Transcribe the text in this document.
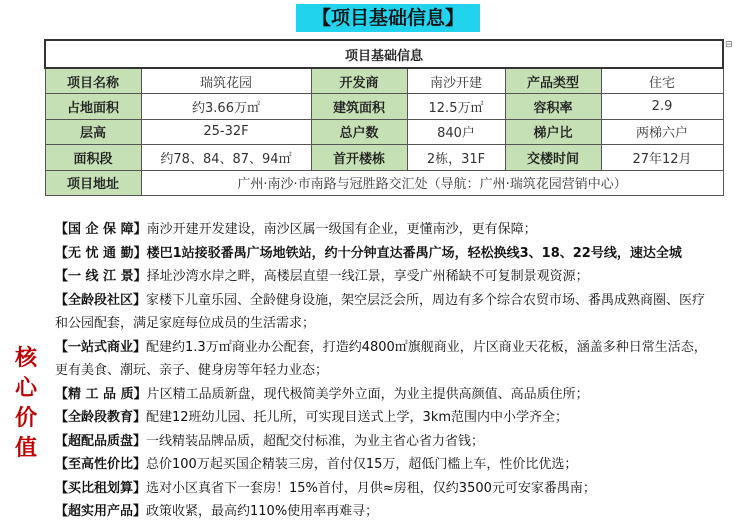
【项目基础信息】
⊟
项目基础信息					
项目名称	瑞筑花园	开发商	南沙开建	产品类型	住宅
占地面积	约3.66万㎡	建筑面积	12.5万㎡	容积率	2.9
层高	25-32F	总户数	840户	梯户比	两梯六户
面积段	约78、84、87、94㎡	首开楼栋	2栋，31F	交楼时间	27年12月
项目地址	广州·南沙·市南路与冠胜路交汇处（导航：广州·瑞筑花园营销中心）				
核
心
价
值

【国 企 保 障】南沙开建开发建设，南沙区属一级国有企业，更懂南沙，更有保障；

【无 忧 通 勤】楼巴1站接驳番禺广场地铁站，约十分钟直达番禺广场，轻松换线3、18、22号线，速达全城

【一 线 江 景】择址沙湾水岸之畔，高楼层直望一线江景，享受广州稀缺不可复制景观资源；

【全龄段社区】家楼下儿童乐园、全龄健身设施，架空层泛会所，周边有多个综合农贸市场、番禺成熟商圈、医疗和公园配套，满足家庭每位成员的生活需求；

【一站式商业】配建约1.3万㎡商业办公配套，打造约4800㎡旗舰商业，片区商业天花板，涵盖多种日常生活态，更有美食、潮玩、亲子、健身房等年轻力业态；

【精 工 品 质】片区精工品质新盘，现代极简美学外立面，为业主提供高颜值、高品质住所；

【全龄段教育】配建12班幼儿园、托儿所，可实现目送式上学，3km范围内中小学齐全；

【超配品质盘】一线精装品牌品质，超配交付标准，为业主省心省力省钱；

【至高性价比】总价100万起买国企精装三房，首付仅15万，超低门槛上车，性价比优选；

【买比租划算】选对小区真省下一套房！15%首付，月供≈房租，仅约3500元可安家番禺南；

【超实用产品】政策收紧，最高约110%使用率再难寻；
